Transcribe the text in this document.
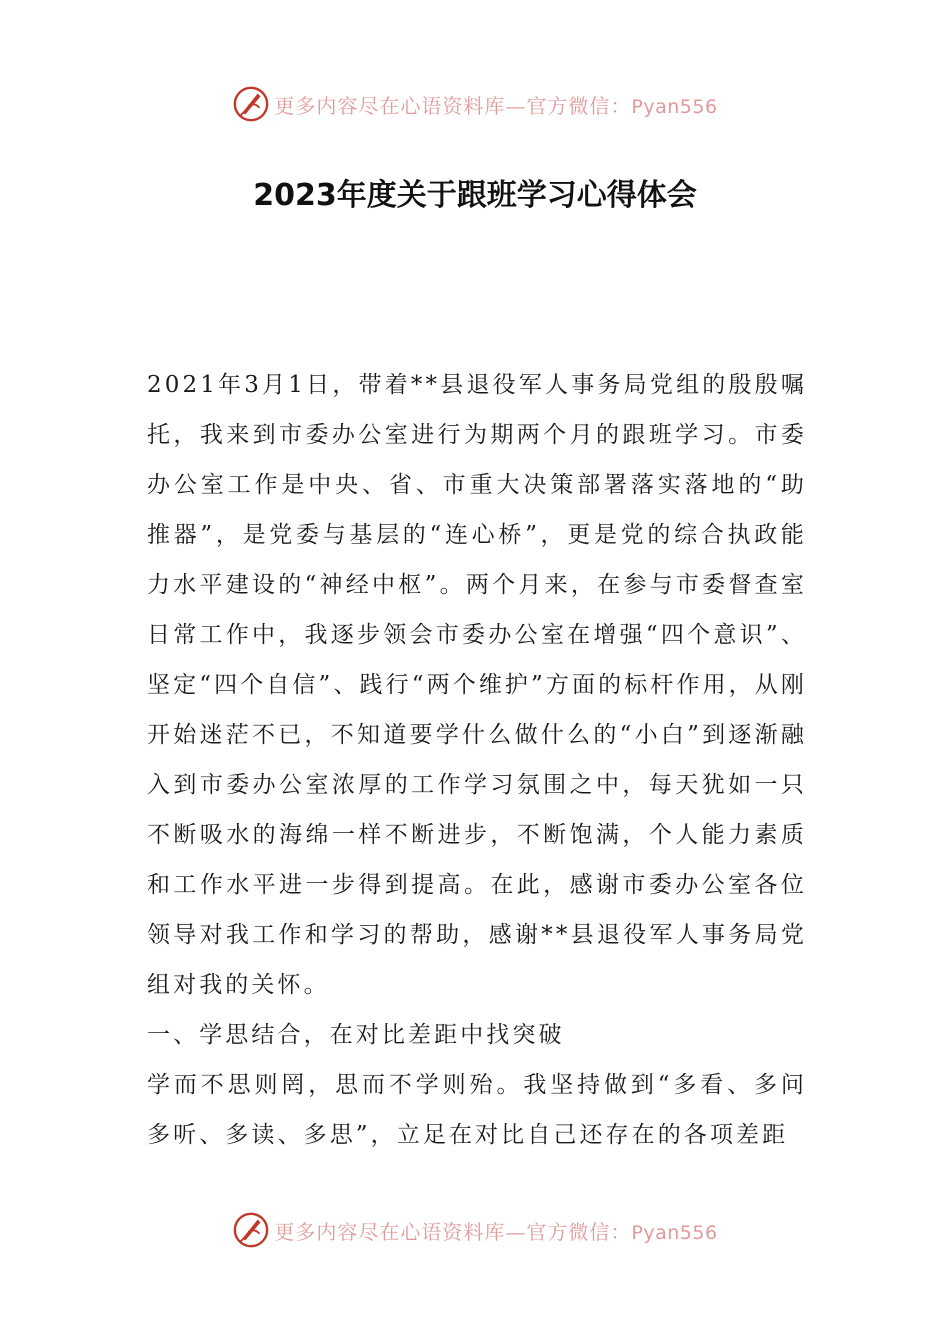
更多内容尽在心语资料库—官方微信：Pyan556
2023年度关于跟班学习心得体会

2021年3月1日，带着**县退役军人事务局党组的殷殷嘱托，我来到市委办公室进行为期两个月的跟班学习。市委办公室工作是中央、省、市重大决策部署落实落地的“助推器”，是党委与基层的“连心桥”，更是党的综合执政能力水平建设的“神经中枢”。两个月来，在参与市委督查室日常工作中，我逐步领会市委办公室在增强“四个意识”、坚定“四个自信”、践行“两个维护”方面的标杆作用，从刚开始迷茫不已，不知道要学什么做什么的“小白”到逐渐融入到市委办公室浓厚的工作学习氛围之中，每天犹如一只不断吸水的海绵一样不断进步，不断饱满，个人能力素质和工作水平进一步得到提高。在此，感谢市委办公室各位领导对我工作和学习的帮助，感谢**县退役军人事务局党组对我的关怀。

一、学思结合，在对比差距中找突破

学而不思则罔，思而不学则殆。我坚持做到“多看、多问多听、多读、多思”，立足在对比自己还存在的各项差距

更多内容尽在心语资料库—官方微信：Pyan556
